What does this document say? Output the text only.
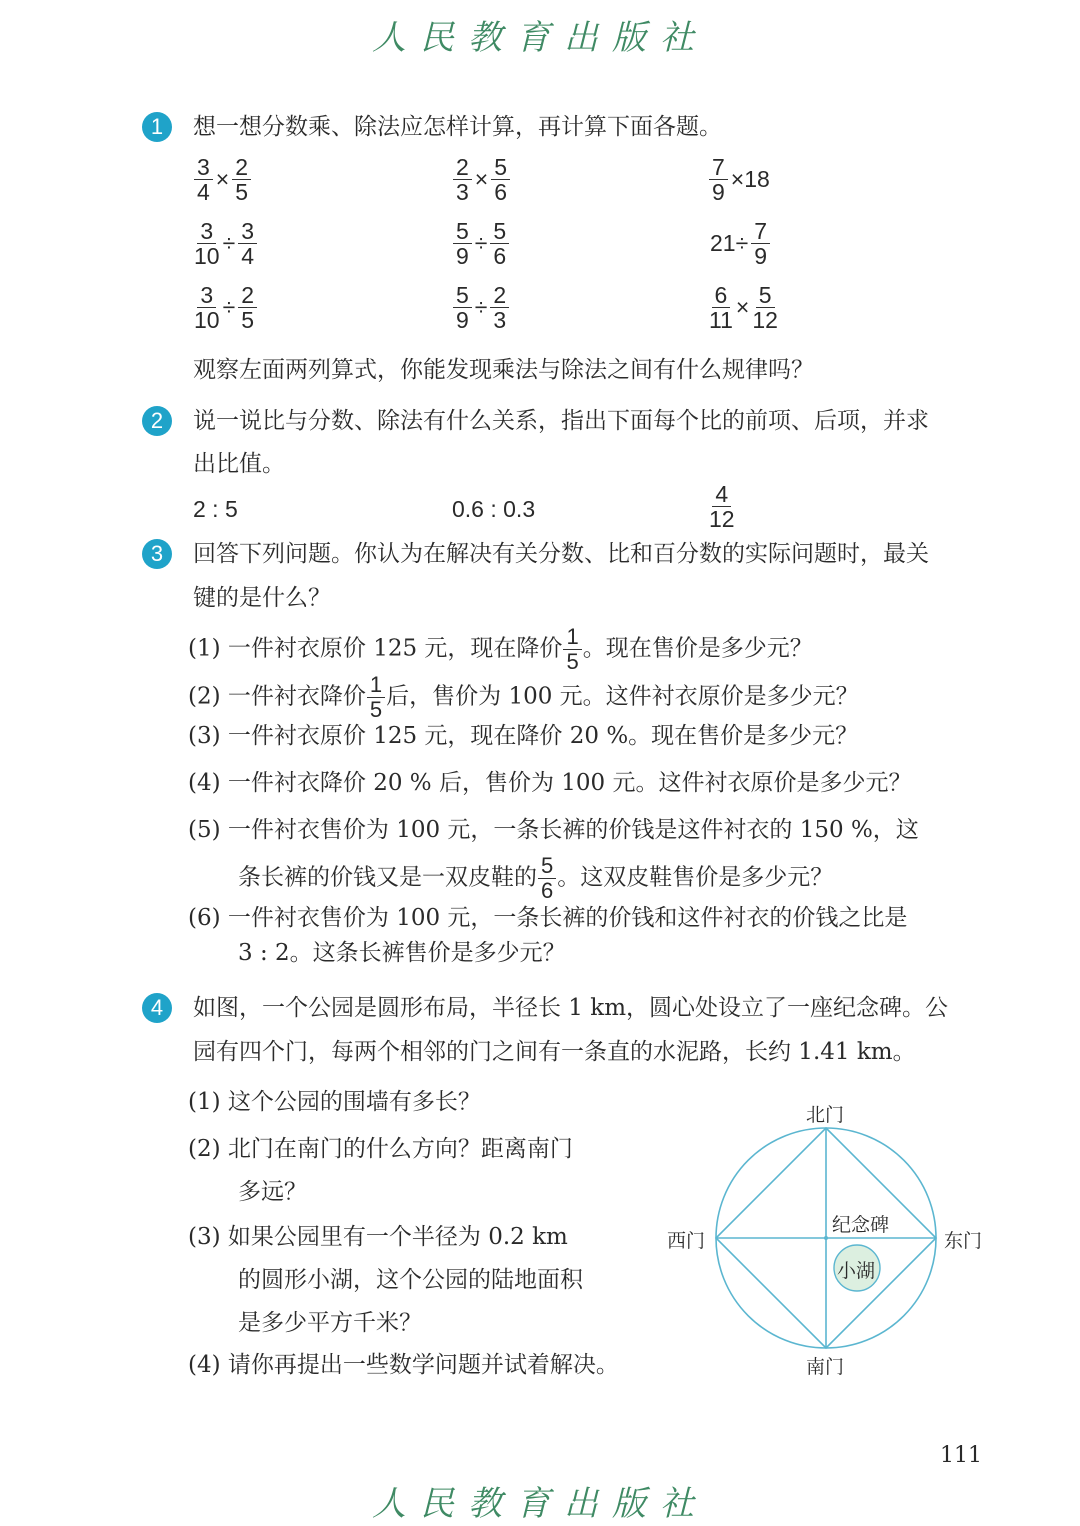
人民教育出版社
1	想一想分数乘、除法应怎样计算，再计算下面各题。
$\frac{3}{4} \times \frac{2}{5}$	$\frac{2}{3} \times \frac{5}{6}$	$\frac{7}{9} \times 18$
$\frac{3}{10} \div \frac{3}{4}$	$\frac{5}{9} \div \frac{5}{6}$	$21\div \frac{7}{9}$
$\frac{3}{10} \div \frac{2}{5}$	$\frac{5}{9} \div \frac{2}{3}$	$\frac{6}{11} \times \frac{5}{12}$
观察左面两列算式，你能发现乘法与除法之间有什么规律吗？
2	说一说比与分数、除法有什么关系，指出下面每个比的前项、后项，并求
出比值。
2 : 5	0.6 : 0.3	$\frac{4}{12}$
3	回答下列问题。你认为在解决有关分数、比和百分数的实际问题时，最关
键的是什么？
(1) 一件衬衣原价 125 元，现在降价 $\frac{1}{5}$ 。现在售价是多少元？
(2) 一件衬衣降价 $\frac{1}{5}$ 后，售价为 100 元。这件衬衣原价是多少元？
(3) 一件衬衣原价 125 元，现在降价 20 %。现在售价是多少元？
(4) 一件衬衣降价 20 % 后，售价为 100 元。这件衬衣原价是多少元？
(5) 一件衬衣售价为 100 元，一条长裤的价钱是这件衬衣的 150 %，这
条长裤的价钱又是一双皮鞋的 $\frac{5}{6}$ 。这双皮鞋售价是多少元？
(6) 一件衬衣售价为 100 元，一条长裤的价钱和这件衬衣的价钱之比是
3 : 2。这条长裤售价是多少元？
4	如图，一个公园是圆形布局，半径长 1 km，圆心处设立了一座纪念碑。公
园有四个门，每两个相邻的门之间有一条直的水泥路，长约 1.41 km。
(1) 这个公园的围墙有多长？
(2) 北门在南门的什么方向？距离南门
多远？
(3) 如果公园里有一个半径为 0.2 km
的圆形小湖，这个公园的陆地面积
是多少平方千米？
(4) 请你再提出一些数学问题并试着解决。
北门
南门
西门	东门
纪念碑
小湖
111
人民教育出版社
